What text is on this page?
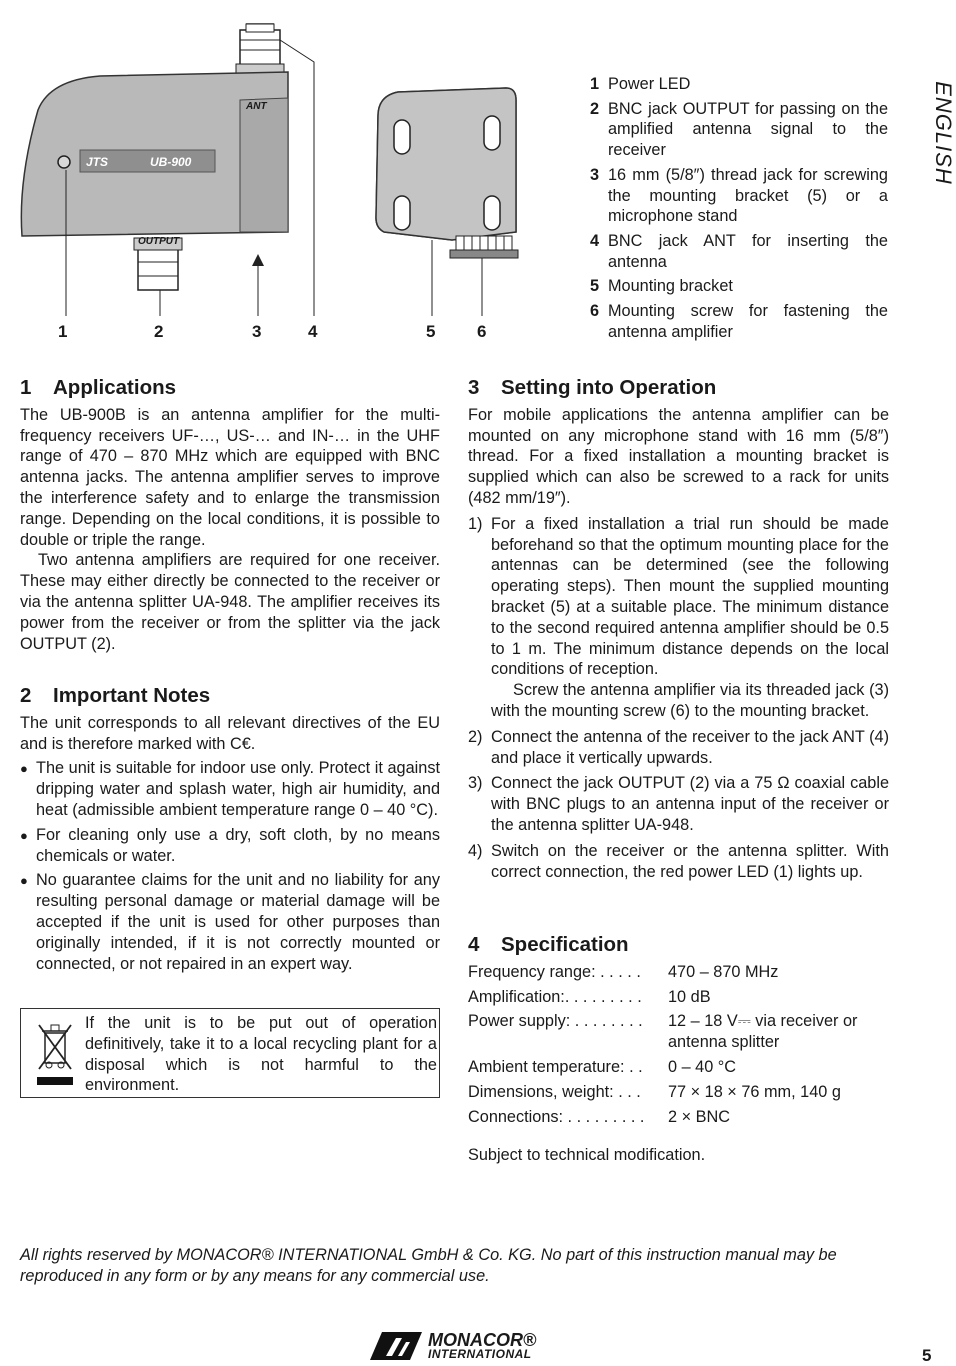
JTS	UB-900
ANT
OUTPUT
1	2	3	4	5 6
ENGLISH
1 Power LED
2 BNC jack OUTPUT for passing on the amplified antenna signal to the receiver
3 16 mm (5/8″) thread jack for screwing the mounting bracket (5) or a microphone stand
4 BNC jack ANT for inserting the antenna
5 Mounting bracket
6 Mounting screw for fastening the antenna amplifier
1	Applications

The UB-900B is an antenna amplifier for the multi-frequency receivers UF-…, US-… and IN-… in the UHF range of 470 – 870 MHz which are equipped with BNC antenna jacks. The antenna amplifier serves to improve the interference safety and to enlarge the transmission range. Depending on the local conditions, it is possible to double or triple the range.

Two antenna amplifiers are required for one receiver. These may either directly be connected to the receiver or via the antenna splitter UA-948. The amplifier receives its power from the receiver or from the splitter via the jack OUTPUT (2).

2	Important Notes

The unit corresponds to all relevant directives of the EU and is therefore marked with C€.

● The unit is suitable for indoor use only. Protect it against dripping water and splash water, high air humidity, and heat (admissible ambient temperature range 0 – 40 °C).
● For cleaning only use a dry, soft cloth, by no means chemicals or water.
● No guarantee claims for the unit and no liability for any resulting personal damage or material damage will be accepted if the unit is used for other purposes than originally intended, if it is not correctly mounted or connected, or not repaired in an expert way.
If the unit is to be put out of operation definitively, take it to a local recycling plant for a disposal which is not harmful to the environment.
3	Setting into Operation

For mobile applications the antenna amplifier can be mounted on any microphone stand with 16 mm (5/8″) thread. For a fixed installation a mounting bracket is supplied which can also be screwed to a rack for units (482 mm/19″).

1) For a fixed installation a trial run should be made beforehand so that the optimum mounting place for the antennas can be determined (see the following operating steps). Then mount the supplied mounting bracket (5) at a suitable place. The minimum distance to the second required antenna amplifier should be 0.5 to 1 m. The minimum distance depends on the local conditions of reception.

Screw the antenna amplifier via its threaded jack (3) with the mounting screw (6) to the mounting bracket.
2) Connect the antenna of the receiver to the jack ANT (4) and place it vertically upwards.
3) Connect the jack OUTPUT (2) via a 75 Ω coaxial cable with BNC plugs to an antenna input of the receiver or the antenna splitter UA-948.
4) Switch on the receiver or the antenna splitter. With correct connection, the red power LED (1) lights up.
4	Specification
Frequency range: . . . . .	470 – 870 MHz
Amplification:. . . . . . . . .	10 dB
Power supply: . . . . . . . .	12 – 18 V⎓ via receiver or antenna splitter
Ambient temperature: . .	0 – 40 °C
Dimensions, weight: . . .	77 × 18 × 76 mm, 140 g
Connections: . . . . . . . . .	2 × BNC

Subject to technical modification.

All rights reserved by MONACOR® INTERNATIONAL GmbH & Co. KG. No part of this instruction manual may be reproduced in any form or by any means for any commercial use.
MONACOR®
INTERNATIONAL	5
